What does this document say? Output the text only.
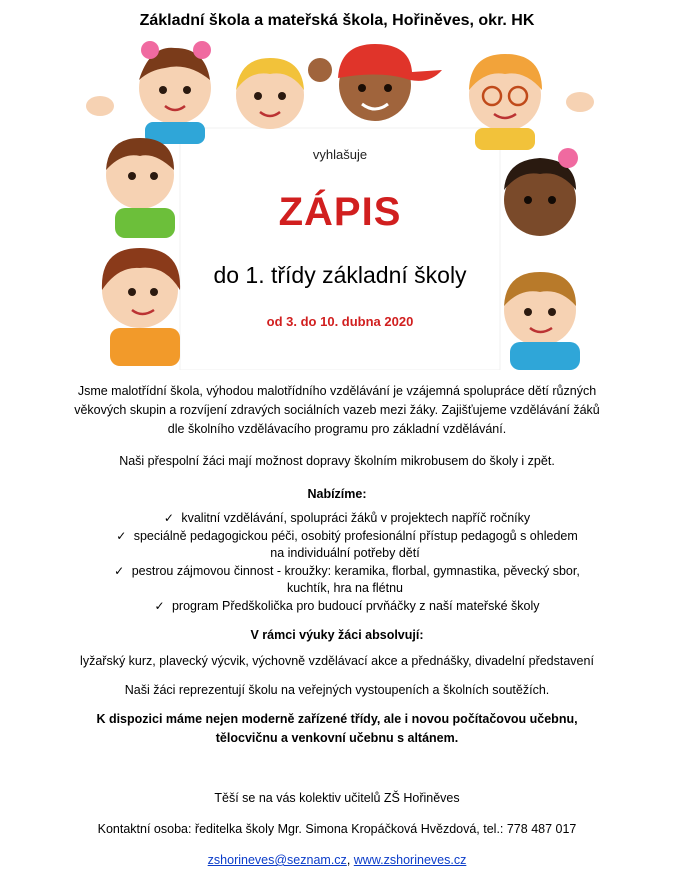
Základní škola a mateřská škola, Hořiněves, okr. HK
vyhlašuje
ZÁPIS
do 1. třídy základní školy
od 3. do 10. dubna 2020
Jsme malotřídní škola, výhodou malotřídního vzdělávání je vzájemná spolupráce dětí různých
věkových skupin a rozvíjení zdravých sociálních vazeb mezi žáky. Zajišťujeme vzdělávání žáků
dle školního vzdělávacího programu pro základní vzdělávání.
Naši přespolní žáci mají možnost dopravy školním mikrobusem do školy i zpět.
Nabízíme:
✓ kvalitní vzdělávání, spolupráci žáků v projektech napříč ročníky
✓ speciálně pedagogickou péči, osobitý profesionální přístup pedagogů s ohledem
na individuální potřeby dětí
✓ pestrou zájmovou činnost - kroužky: keramika, florbal, gymnastika, pěvecký sbor,
kuchtík, hra na flétnu
✓ program Předškolička pro budoucí prvňáčky z naší mateřské školy
V rámci výuky žáci absolvují:
lyžařský kurz, plavecký výcvik, výchovně vzdělávací akce a přednášky, divadelní představení
Naši žáci reprezentují školu na veřejných vystoupeních a školních soutěžích.
K dispozici máme nejen moderně zařízené třídy, ale i novou počítačovou učebnu,
tělocvičnu a venkovní učebnu s altánem.
Těší se na vás kolektiv učitelů ZŠ Hořiněves
Kontaktní osoba: ředitelka školy Mgr. Simona Kropáčková Hvězdová, tel.: 778 487 017
zshorineves@seznam.cz, www.zshorineves.cz
